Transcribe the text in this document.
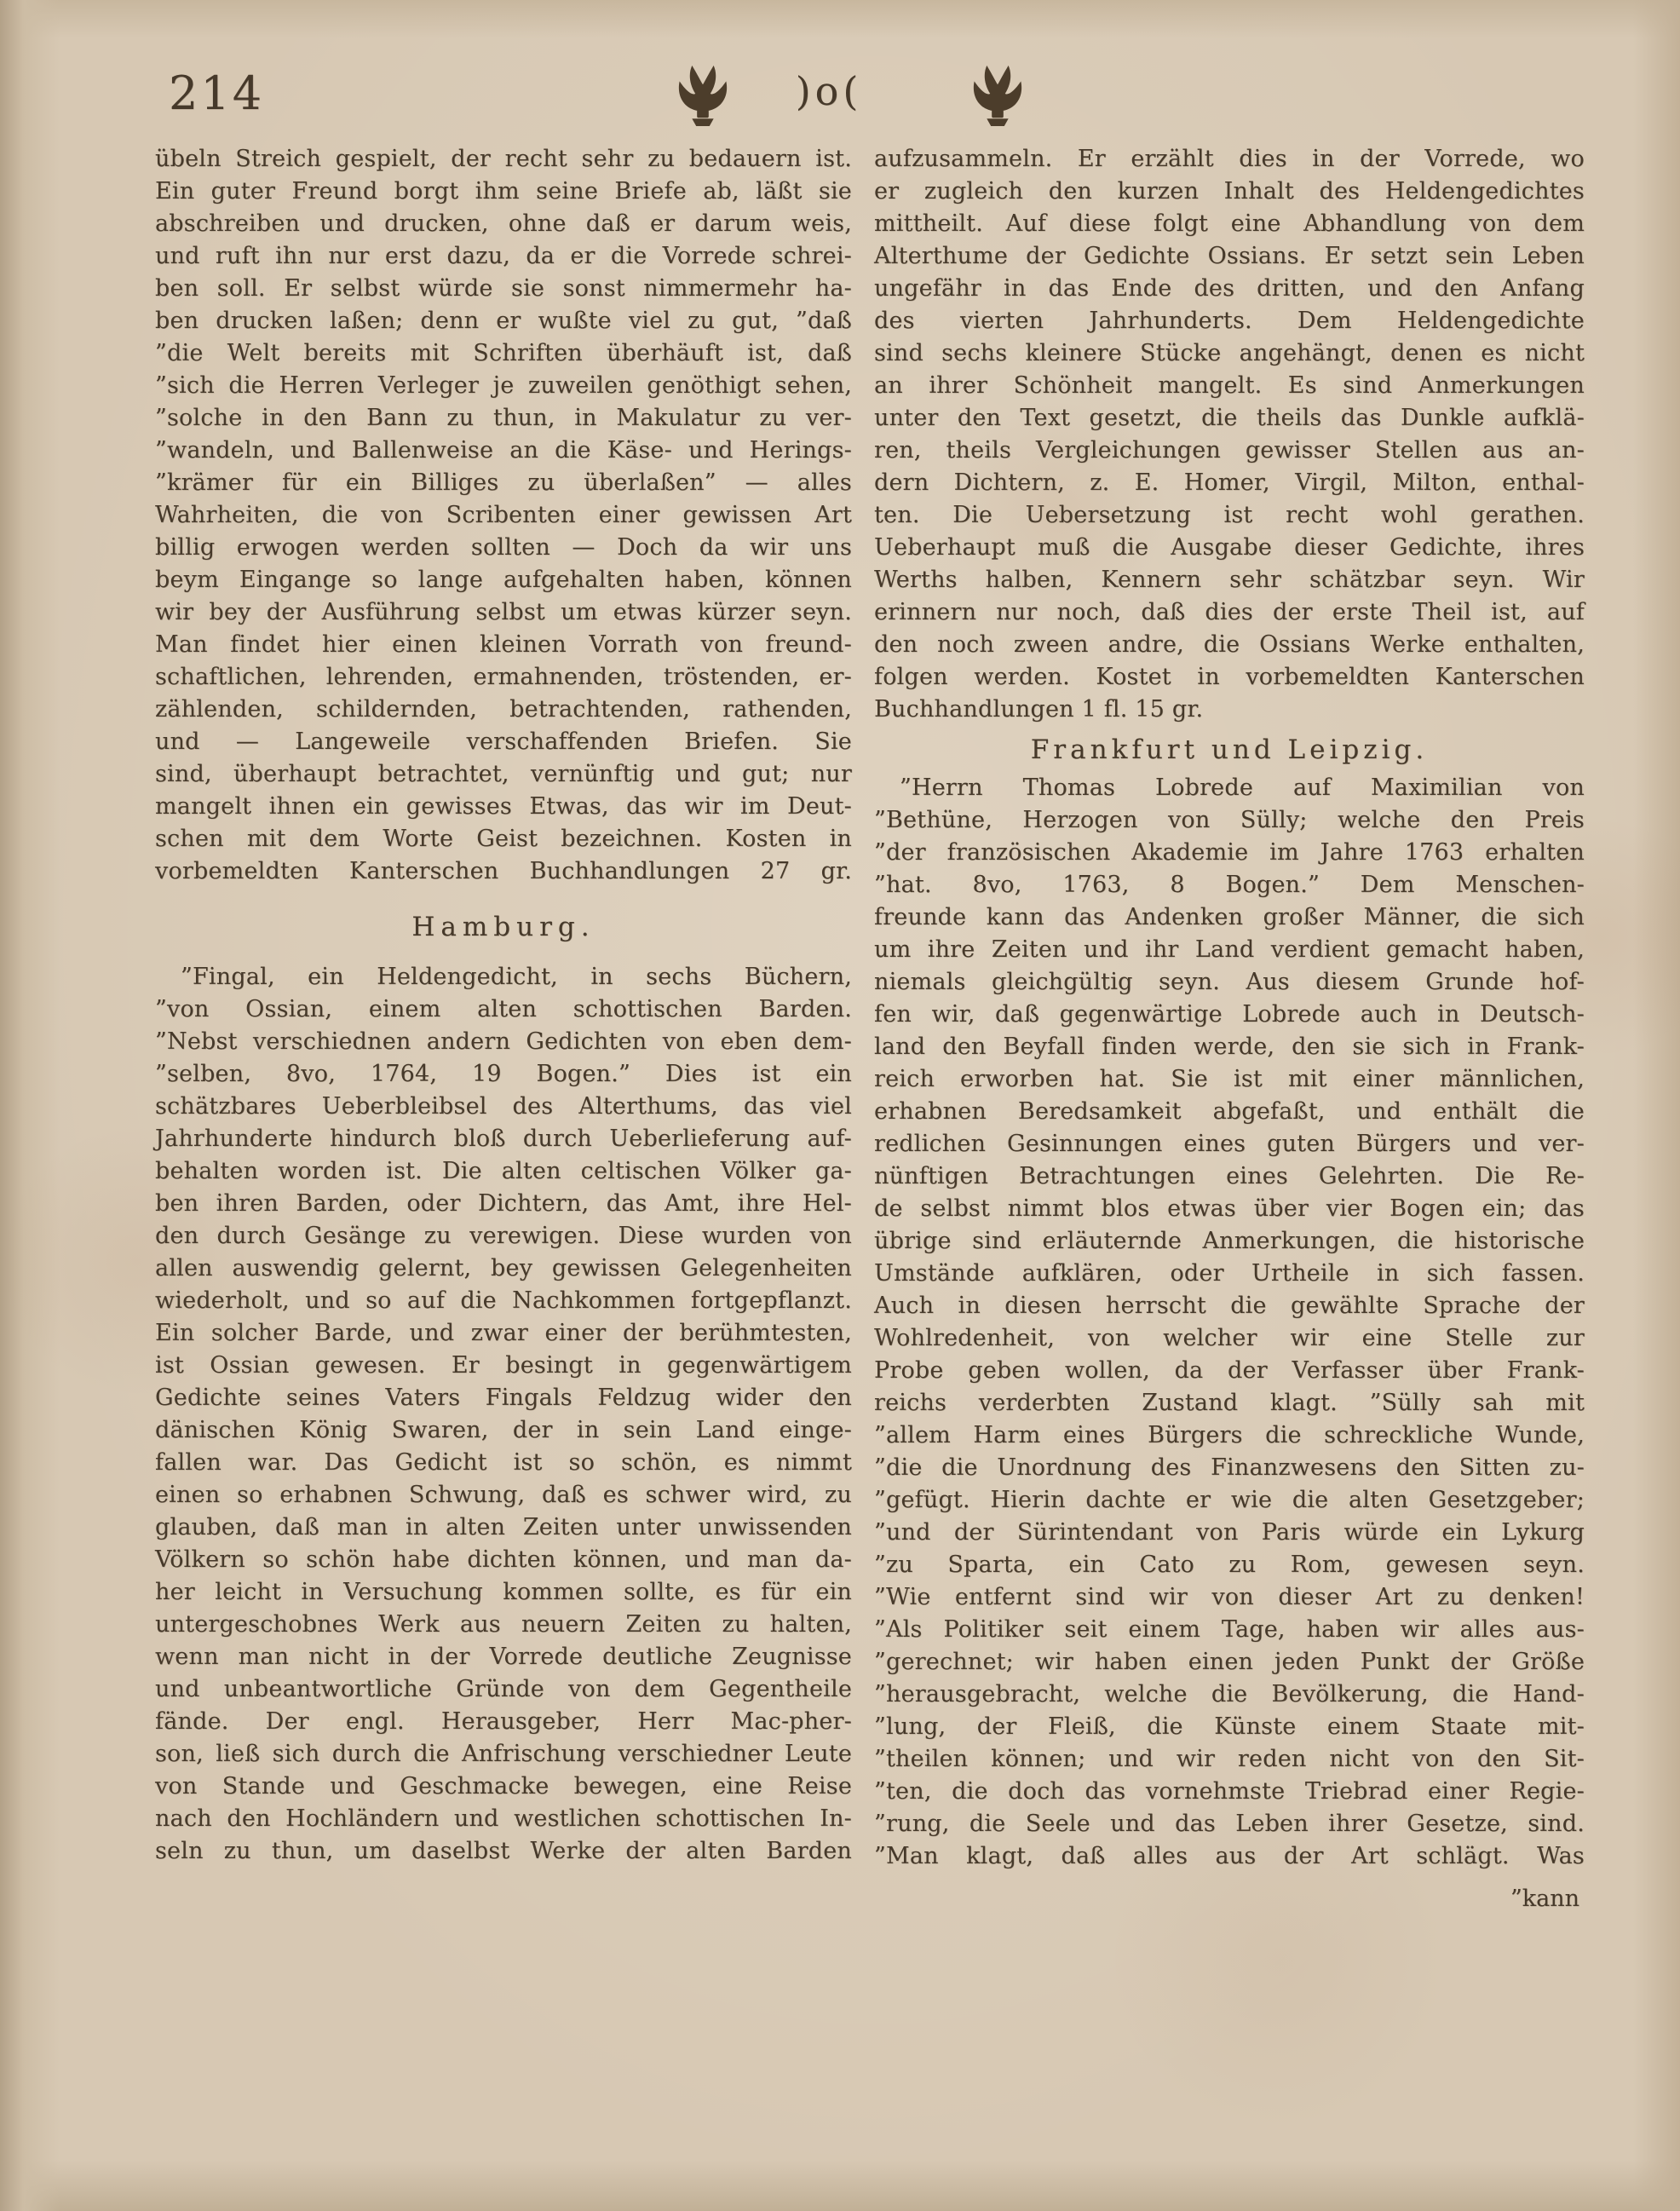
214	)o(
übeln Streich gespielt, der recht sehr zu bedauern ist.
Ein guter Freund borgt ihm seine Briefe ab, läßt sie
abschreiben und drucken, ohne daß er darum weis,
und ruft ihn nur erst dazu, da er die Vorrede schrei-
ben soll. Er selbst würde sie sonst nimmermehr ha-
ben drucken laßen; denn er wußte viel zu gut, ”daß
”die Welt bereits mit Schriften überhäuft ist, daß
”sich die Herren Verleger je zuweilen genöthigt sehen,
”solche in den Bann zu thun, in Makulatur zu ver-
”wandeln, und Ballenweise an die Käse- und Herings-
”krämer für ein Billiges zu überlaßen” — alles
Wahrheiten, die von Scribenten einer gewissen Art
billig erwogen werden sollten — Doch da wir uns
beym Eingange so lange aufgehalten haben, können
wir bey der Ausführung selbst um etwas kürzer seyn.
Man findet hier einen kleinen Vorrath von freund-
schaftlichen, lehrenden, ermahnenden, tröstenden, er-
zählenden, schildernden, betrachtenden, rathenden,
und — Langeweile verschaffenden Briefen. Sie
sind, überhaupt betrachtet, vernünftig und gut; nur
mangelt ihnen ein gewisses Etwas, das wir im Deut-
schen mit dem Worte Geist bezeichnen. Kosten in
vorbemeldten Kanterschen Buchhandlungen 27 gr.
Hamburg.
”Fingal, ein Heldengedicht, in sechs Büchern,
”von Ossian, einem alten schottischen Barden.
”Nebst verschiednen andern Gedichten von eben dem-
”selben, 8vo, 1764, 19 Bogen.” Dies ist ein
schätzbares Ueberbleibsel des Alterthums, das viel
Jahrhunderte hindurch bloß durch Ueberlieferung auf-
behalten worden ist. Die alten celtischen Völker ga-
ben ihren Barden, oder Dichtern, das Amt, ihre Hel-
den durch Gesänge zu verewigen. Diese wurden von
allen auswendig gelernt, bey gewissen Gelegenheiten
wiederholt, und so auf die Nachkommen fortgepflanzt.
Ein solcher Barde, und zwar einer der berühmtesten,
ist Ossian gewesen. Er besingt in gegenwärtigem
Gedichte seines Vaters Fingals Feldzug wider den
dänischen König Swaren, der in sein Land einge-
fallen war. Das Gedicht ist so schön, es nimmt
einen so erhabnen Schwung, daß es schwer wird, zu
glauben, daß man in alten Zeiten unter unwissenden
Völkern so schön habe dichten können, und man da-
her leicht in Versuchung kommen sollte, es für ein
untergeschobnes Werk aus neuern Zeiten zu halten,
wenn man nicht in der Vorrede deutliche Zeugnisse
und unbeantwortliche Gründe von dem Gegentheile
fände. Der engl. Herausgeber, Herr Mac-pher-
son, ließ sich durch die Anfrischung verschiedner Leute
von Stande und Geschmacke bewegen, eine Reise
nach den Hochländern und westlichen schottischen In-
seln zu thun, um daselbst Werke der alten Barden
aufzusammeln. Er erzählt dies in der Vorrede, wo
er zugleich den kurzen Inhalt des Heldengedichtes
mittheilt. Auf diese folgt eine Abhandlung von dem
Alterthume der Gedichte Ossians. Er setzt sein Leben
ungefähr in das Ende des dritten, und den Anfang
des vierten Jahrhunderts. Dem Heldengedichte
sind sechs kleinere Stücke angehängt, denen es nicht
an ihrer Schönheit mangelt. Es sind Anmerkungen
unter den Text gesetzt, die theils das Dunkle aufklä-
ren, theils Vergleichungen gewisser Stellen aus an-
dern Dichtern, z. E. Homer, Virgil, Milton, enthal-
ten. Die Uebersetzung ist recht wohl gerathen.
Ueberhaupt muß die Ausgabe dieser Gedichte, ihres
Werths halben, Kennern sehr schätzbar seyn. Wir
erinnern nur noch, daß dies der erste Theil ist, auf
den noch zween andre, die Ossians Werke enthalten,
folgen werden. Kostet in vorbemeldten Kanterschen
Buchhandlungen 1 fl. 15 gr.
Frankfurt und Leipzig.
”Herrn Thomas Lobrede auf Maximilian von
”Bethüne, Herzogen von Sülly; welche den Preis
”der französischen Akademie im Jahre 1763 erhalten
”hat. 8vo, 1763, 8 Bogen.” Dem Menschen-
freunde kann das Andenken großer Männer, die sich
um ihre Zeiten und ihr Land verdient gemacht haben,
niemals gleichgültig seyn. Aus diesem Grunde hof-
fen wir, daß gegenwärtige Lobrede auch in Deutsch-
land den Beyfall finden werde, den sie sich in Frank-
reich erworben hat. Sie ist mit einer männlichen,
erhabnen Beredsamkeit abgefaßt, und enthält die
redlichen Gesinnungen eines guten Bürgers und ver-
nünftigen Betrachtungen eines Gelehrten. Die Re-
de selbst nimmt blos etwas über vier Bogen ein; das
übrige sind erläuternde Anmerkungen, die historische
Umstände aufklären, oder Urtheile in sich fassen.
Auch in diesen herrscht die gewählte Sprache der
Wohlredenheit, von welcher wir eine Stelle zur
Probe geben wollen, da der Verfasser über Frank-
reichs verderbten Zustand klagt. ”Sülly sah mit
”allem Harm eines Bürgers die schreckliche Wunde,
”die die Unordnung des Finanzwesens den Sitten zu-
”gefügt. Hierin dachte er wie die alten Gesetzgeber;
”und der Sürintendant von Paris würde ein Lykurg
”zu Sparta, ein Cato zu Rom, gewesen seyn.
”Wie entfernt sind wir von dieser Art zu denken!
”Als Politiker seit einem Tage, haben wir alles aus-
”gerechnet; wir haben einen jeden Punkt der Größe
”herausgebracht, welche die Bevölkerung, die Hand-
”lung, der Fleiß, die Künste einem Staate mit-
”theilen können; und wir reden nicht von den Sit-
”ten, die doch das vornehmste Triebrad einer Regie-
”rung, die Seele und das Leben ihrer Gesetze, sind.
”Man klagt, daß alles aus der Art schlägt. Was
”kann
